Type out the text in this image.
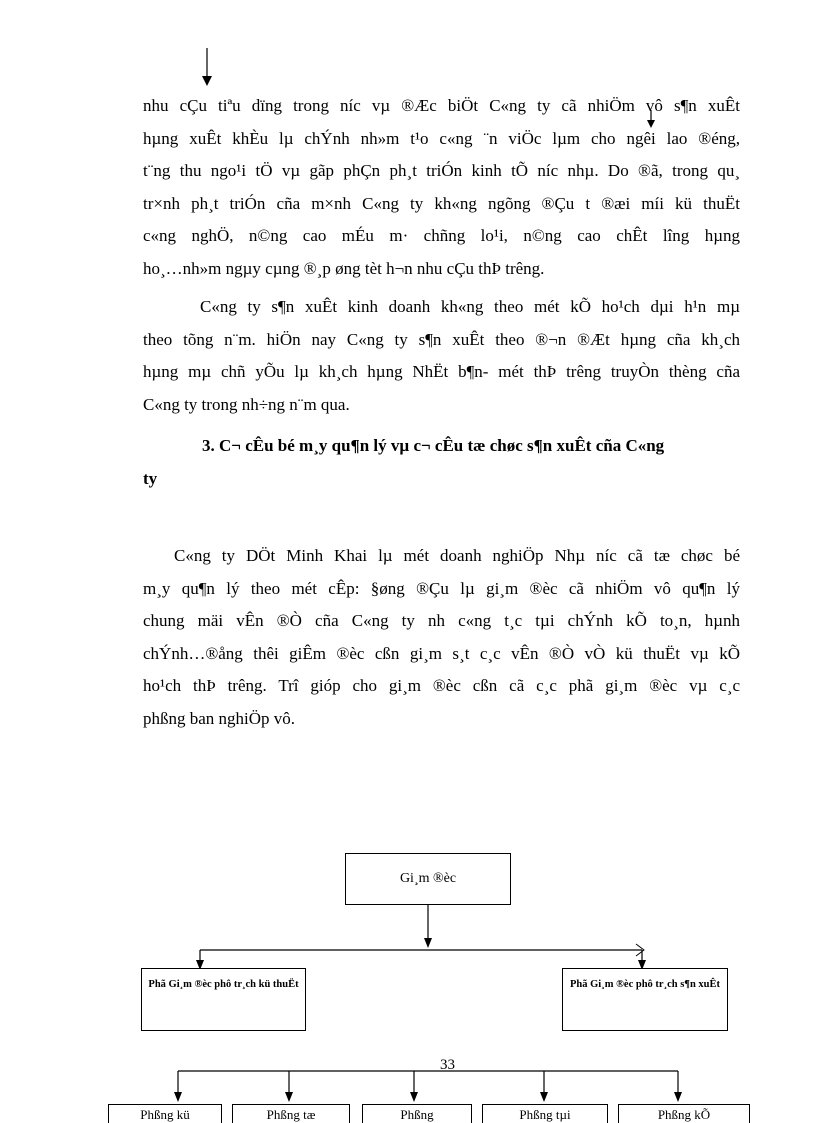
nhu cÇu tiªu dïng trong níc vµ ®Æc biÖt C«ng ty cã nhiÖm vô s¶n xuÊt
hµng xuÊt khÈu lµ chÝnh nh»m t¹o c«ng ¨n viÖc lµm cho ngêi lao ®éng,
t¨ng thu ngo¹i tÖ vµ gãp phÇn ph¸t triÓn kinh tÕ níc nhµ. Do ®ã, trong qu¸
tr×nh ph¸t triÓn cña m×nh C«ng ty kh«ng ngõng ®Çu t ®æi míi kü thuËt
c«ng nghÖ, n©ng cao mÉu m· chñng lo¹i, n©ng cao chÊt lîng hµng
ho¸…nh»m ngµy cµng ®¸p øng tèt h¬n nhu cÇu thÞ trêng.
C«ng ty s¶n xuÊt kinh doanh kh«ng theo mét kÕ ho¹ch dµi h¹n mµ
theo tõng n¨m. hiÖn nay C«ng ty s¶n xuÊt theo ®¬n ®Æt hµng cña kh¸ch
hµng mµ chñ yÕu lµ kh¸ch hµng NhËt b¶n- mét thÞ trêng truyÒn thèng cña
C«ng ty trong nh÷ng n¨m qua.
3. C¬ cÊu bé m¸y qu¶n lý vµ c¬ cÊu tæ chøc s¶n xuÊt cña C«ng
ty
C«ng ty DÖt Minh Khai lµ mét doanh nghiÖp Nhµ níc cã tæ chøc bé
m¸y qu¶n lý theo mét cÊp: §øng ®Çu lµ gi¸m ®èc cã nhiÖm vô qu¶n lý
chung mäi vÊn ®Ò cña C«ng ty nh c«ng t¸c tµi chÝnh kÕ to¸n, hµnh
chÝnh…®ång thêi giÊm ®èc cßn gi¸m s¸t c¸c vÊn ®Ò vÒ kü thuËt vµ kÕ
ho¹ch thÞ trêng. Trî gióp cho gi¸m ®èc cßn cã c¸c phã gi¸m ®èc vµ c¸c
phßng ban nghiÖp vô.
Gi¸m ®èc
Phã Gi¸m ®èc phô tr¸ch kü thuËt	Phã Gi¸m ®èc phô tr¸ch s¶n xuÊt
33
Phßng kü	Phßng tæ	Phßng	Phßng tµi	Phßng kÕ
